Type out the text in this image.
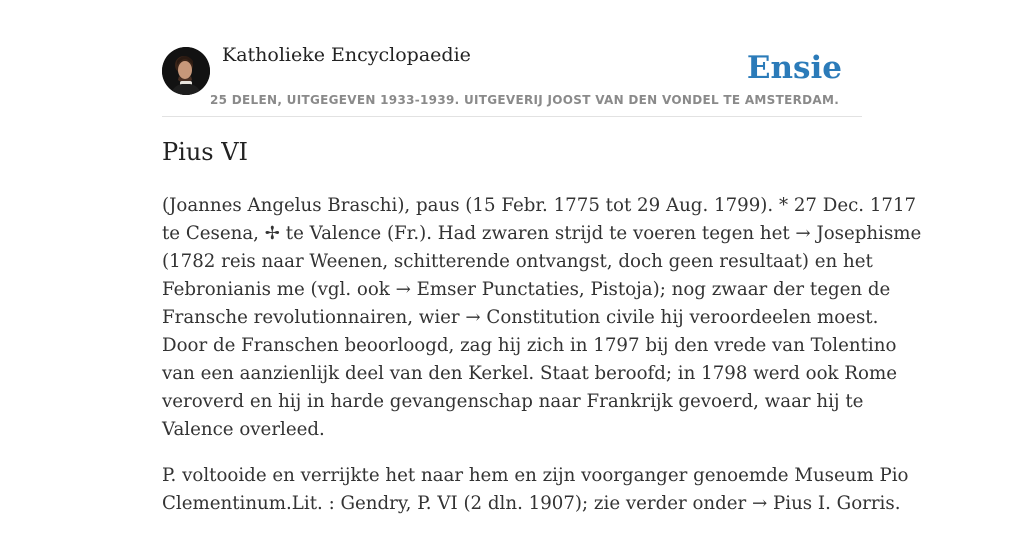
Katholieke Encyclopaedie
25 DELEN, UITGEGEVEN 1933-1939. UITGEVERIJ JOOST VAN DEN VONDEL TE AMSTERDAM.
Ensie
Pius VI

(Joannes Angelus Braschi), paus (15 Febr. 1775 tot 29 Aug. 1799). * 27 Dec. 1717
te Cesena, ✢ te Valence (Fr.). Had zwaren strijd te voeren tegen het → Josephisme
(1782 reis naar Weenen, schitterende ontvangst, doch geen resultaat) en het
Febronianis me (vgl. ook → Emser Punctaties, Pistoja); nog zwaar der tegen de
Fransche revolutionnairen, wier → Constitution civile hij veroordeelen moest.
Door de Franschen beoorloogd, zag hij zich in 1797 bij den vrede van Tolentino
van een aanzienlijk deel van den Kerkel. Staat beroofd; in 1798 werd ook Rome
veroverd en hij in harde gevangenschap naar Frankrijk gevoerd, waar hij te
Valence overleed.

P. voltooide en verrijkte het naar hem en zijn voorganger genoemde Museum Pio
Clementinum.Lit. : Gendry, P. VI (2 dln. 1907); zie verder onder → Pius I. Gorris.
